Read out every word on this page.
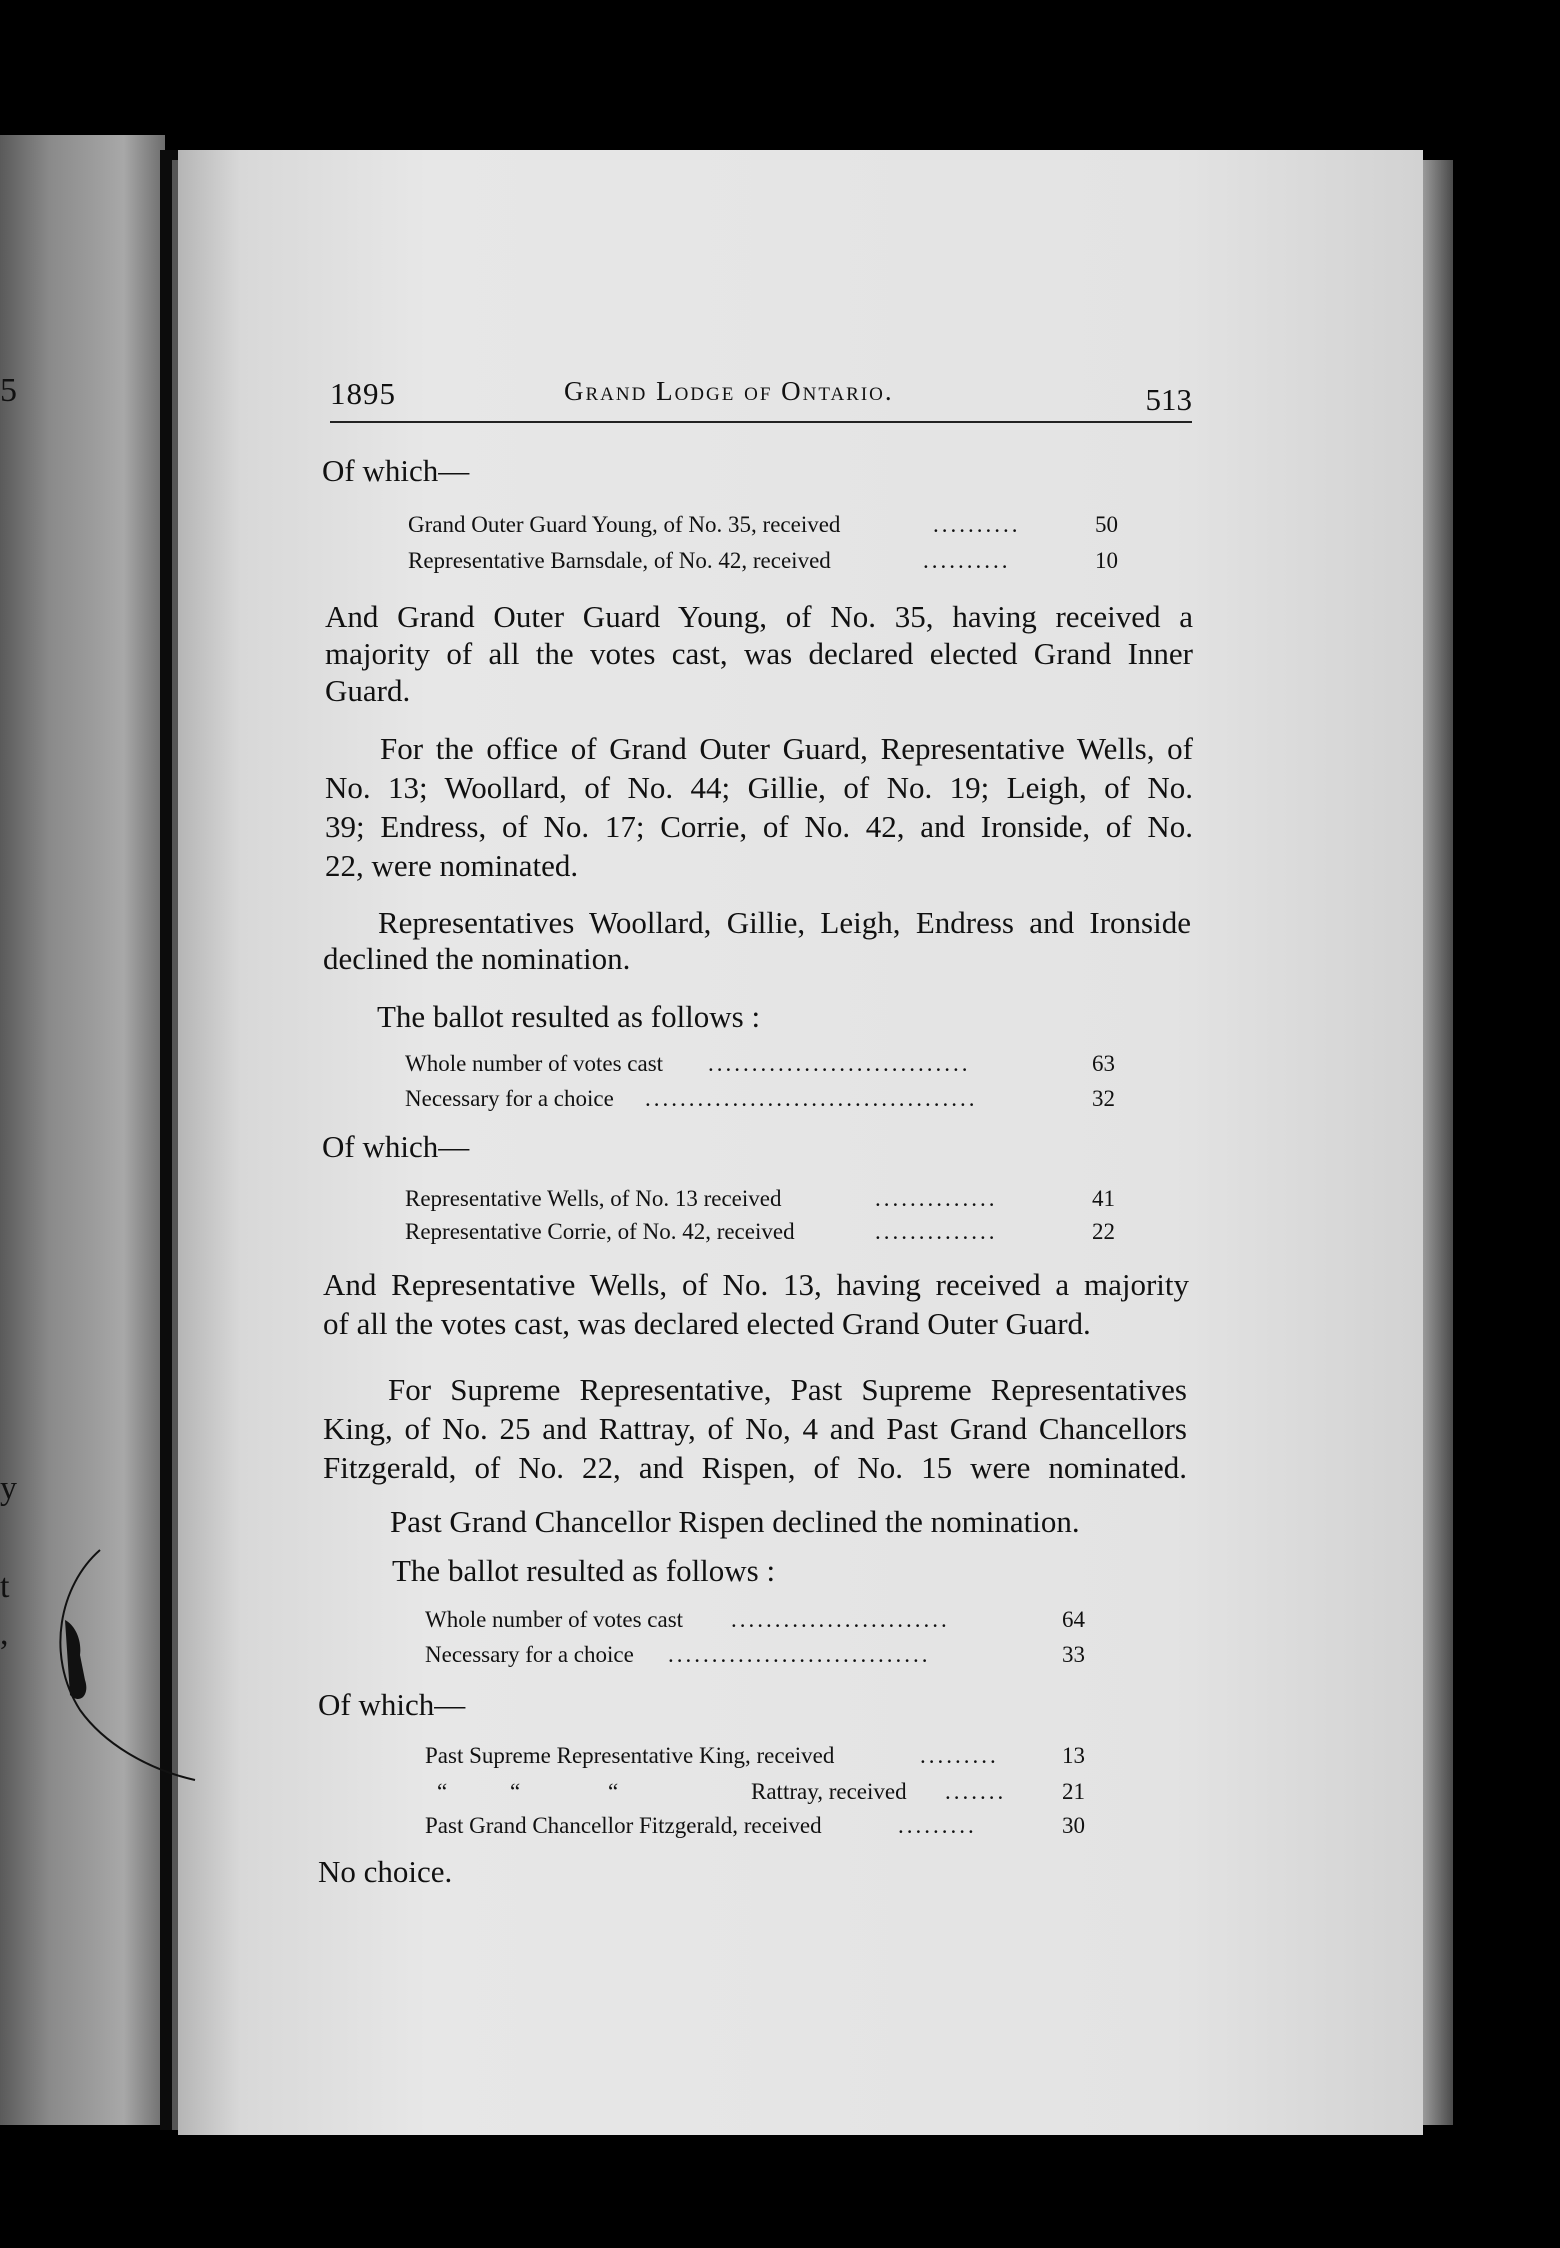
5
y
t
,
1895	Grand Lodge of Ontario.	513
Of which—
Grand Outer Guard Young, of No. 35, received	..........	50
Representative Barnsdale, of No. 42, received	..........	10
And Grand Outer Guard Young, of No. 35, having received a
majority of all the votes cast, was declared elected Grand Inner
Guard.
For the office of Grand Outer Guard, Representative Wells, of
No. 13; Woollard, of No. 44; Gillie, of No. 19; Leigh, of No.
39; Endress, of No. 17; Corrie, of No. 42, and Ironside, of No.
22, were nominated.
Representatives Woollard, Gillie, Leigh, Endress and Ironside
declined the nomination.
The ballot resulted as follows :
Whole number of votes cast ..............................	63
Necessary for a choice ......................................	32
Of which—
Representative Wells, of No. 13 received	..............	41
Representative Corrie, of No. 42, received	..............	22
And Representative Wells, of No. 13, having received a majority
of all the votes cast, was declared elected Grand Outer Guard.
For Supreme Representative, Past Supreme Representatives
King, of No. 25 and Rattray, of No, 4 and Past Grand Chancellors
Fitzgerald, of No. 22, and Rispen, of No. 15 were nominated.
Past Grand Chancellor Rispen declined the nomination.
The ballot resulted as follows :
Whole number of votes cast .........................	64
Necessary for a choice ..............................	33
Of which—
Past Supreme Representative King, received	.........	13
“	“	“	Rattray, received .......	21
Past Grand Chancellor Fitzgerald, received	.........	30
No choice.
